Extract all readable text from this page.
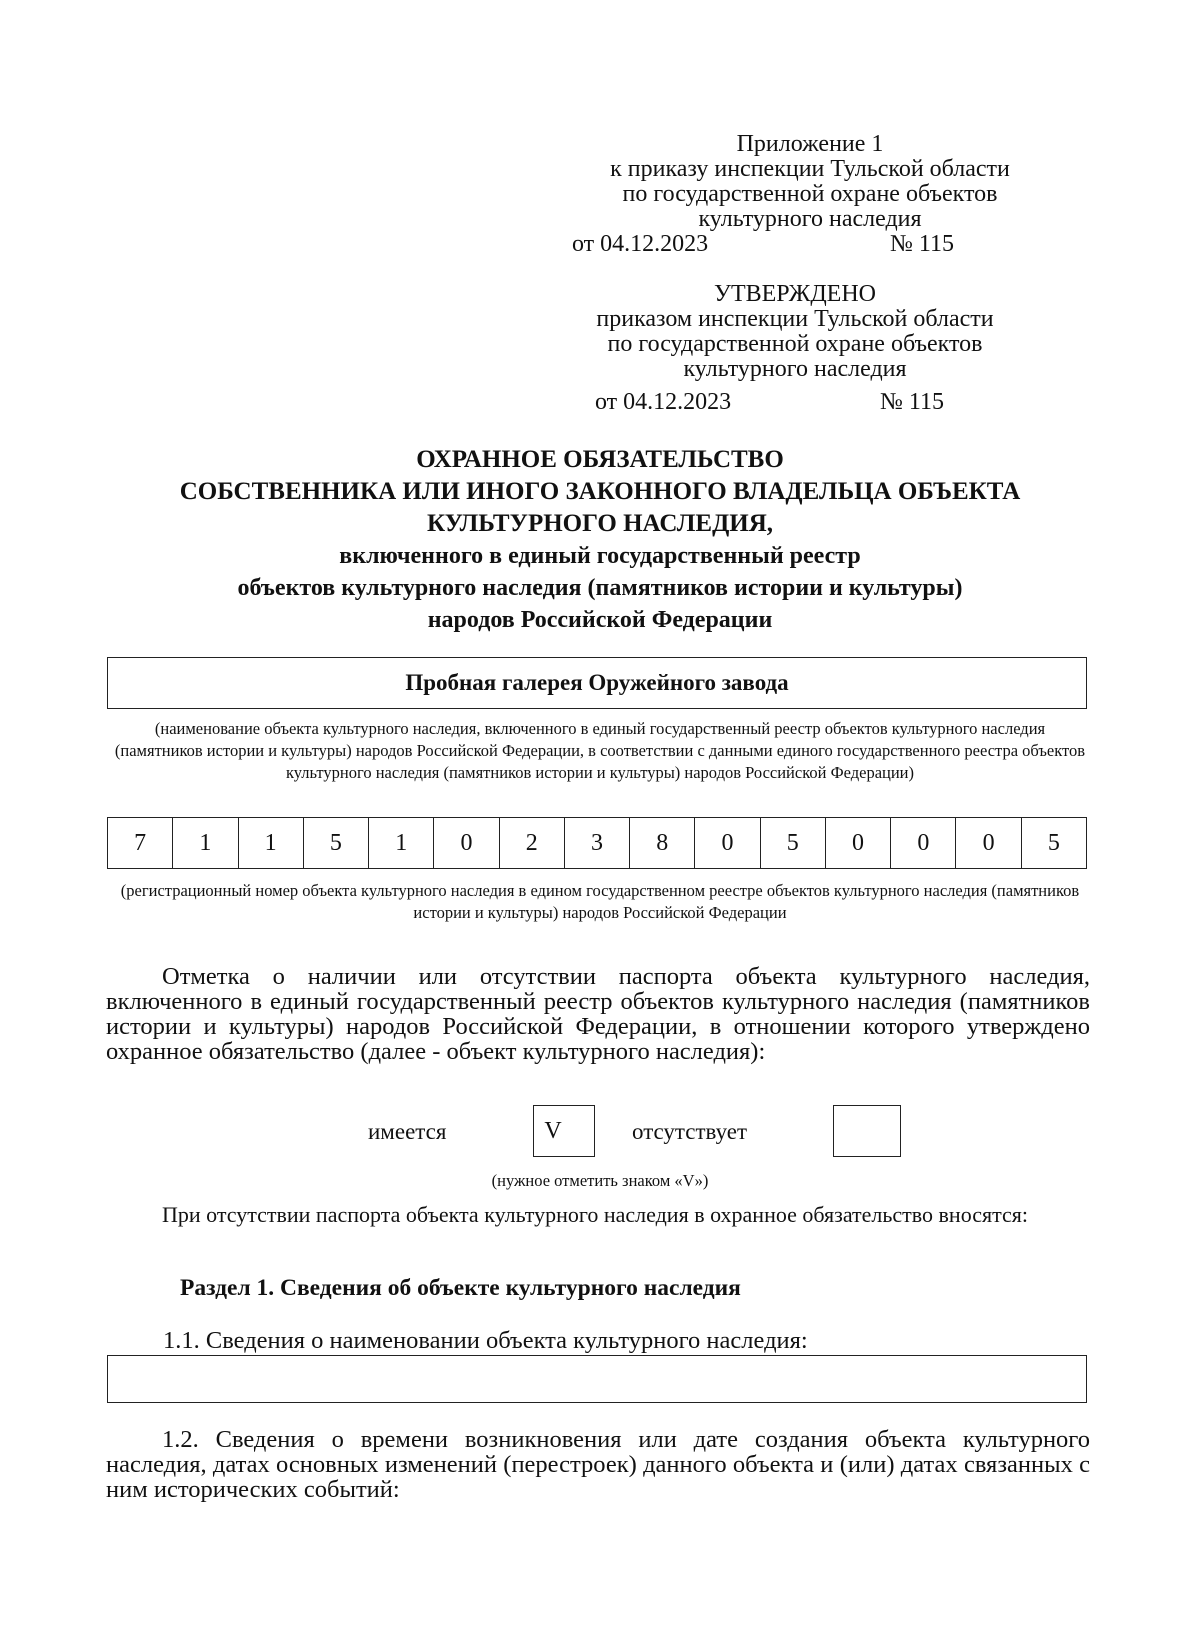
Приложение 1
к приказу инспекции Тульской области
по государственной охране объектов
культурного наследия
от 04.12.2023	№ 115
УТВЕРЖДЕНО
приказом инспекции Тульской области
по государственной охране объектов
культурного наследия
от 04.12.2023	№ 115
ОХРАННОЕ ОБЯЗАТЕЛЬСТВО
СОБСТВЕННИКА ИЛИ ИНОГО ЗАКОННОГО ВЛАДЕЛЬЦА ОБЪЕКТА
КУЛЬТУРНОГО НАСЛЕДИЯ,
включенного в единый государственный реестр
объектов культурного наследия (памятников истории и культуры)
народов Российской Федерации
Пробная галерея Оружейного завода
(наименование объекта культурного наследия, включенного в единый государственный реестр объектов культурного наследия (памятников истории и культуры) народов Российской Федерации, в соответствии с данными единого государственного реестра объектов культурного наследия (памятников истории и культуры) народов Российской Федерации)
7	1	1	5	1	0	2	3	8	0	5	0	0	0	5
(регистрационный номер объекта культурного наследия в едином государственном реестре объектов культурного наследия (памятников истории и культуры) народов Российской Федерации
Отметка о наличии или отсутствии паспорта объекта культурного наследия, включенного в единый государственный реестр объектов культурного наследия (памятников истории и культуры) народов Российской Федерации, в отношении которого утверждено охранное обязательство (далее - объект культурного наследия):
имеется	V	отсутствует
(нужное отметить знаком «V»)
При отсутствии паспорта объекта культурного наследия в охранное обязательство вносятся:
Раздел 1. Сведения об объекте культурного наследия
1.1. Сведения о наименовании объекта культурного наследия:
1.2. Сведения о времени возникновения или дате создания объекта культурного наследия, датах основных изменений (перестроек) данного объекта и (или) датах связанных с ним исторических событий:
